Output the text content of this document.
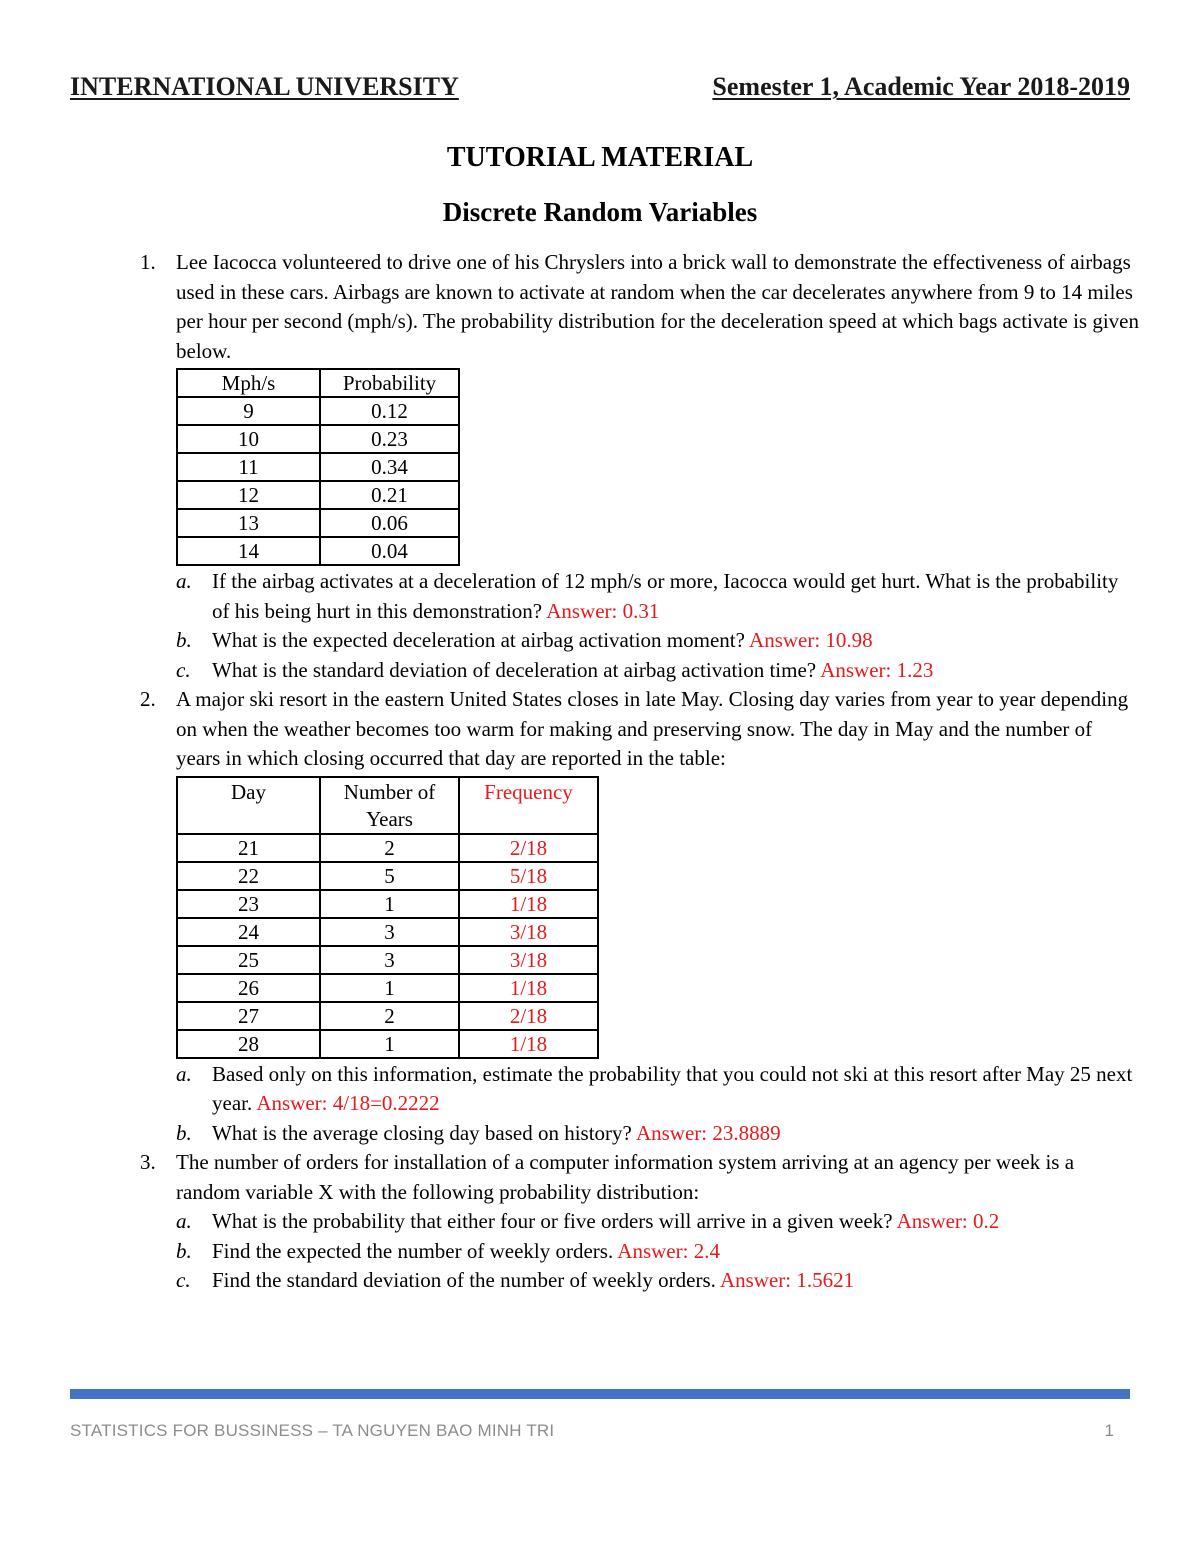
INTERNATIONAL UNIVERSITY	Semester 1, Academic Year 2018-2019
TUTORIAL MATERIAL
Discrete Random Variables
1. Lee Iacocca volunteered to drive one of his Chryslers into a brick wall to demonstrate the effectiveness of airbags used in these cars. Airbags are known to activate at random when the car decelerates anywhere from 9 to 14 miles per hour per second (mph/s). The probability distribution for the deceleration speed at which bags activate is given below.

Mph/s	Probability
9	0.12
10	0.23
11	0.34
12	0.21
13	0.06
14	0.04
a. If the airbag activates at a deceleration of 12 mph/s or more, Iacocca would get hurt. What is the probability of his being hurt in this demonstration? Answer: 0.31
b. What is the expected deceleration at airbag activation moment? Answer: 10.98
c. What is the standard deviation of deceleration at airbag activation time? Answer: 1.23
2. A major ski resort in the eastern United States closes in late May. Closing day varies from year to year depending on when the weather becomes too warm for making and preserving snow. The day in May and the number of years in which closing occurred that day are reported in the table:

Day	Number of Years	Frequency
21	2	2/18
22	5	5/18
23	1	1/18
24	3	3/18
25	3	3/18
26	1	1/18
27	2	2/18
28	1	1/18
a. Based only on this information, estimate the probability that you could not ski at this resort after May 25 next year. Answer: 4/18=0.2222
b. What is the average closing day based on history? Answer: 23.8889
3. The number of orders for installation of a computer information system arriving at an agency per week is a random variable X with the following probability distribution:

a. What is the probability that either four or five orders will arrive in a given week? Answer: 0.2
b. Find the expected the number of weekly orders. Answer: 2.4
c. Find the standard deviation of the number of weekly orders. Answer: 1.5621
STATISTICS FOR BUSSINESS – TA NGUYEN BAO MINH TRI	1
